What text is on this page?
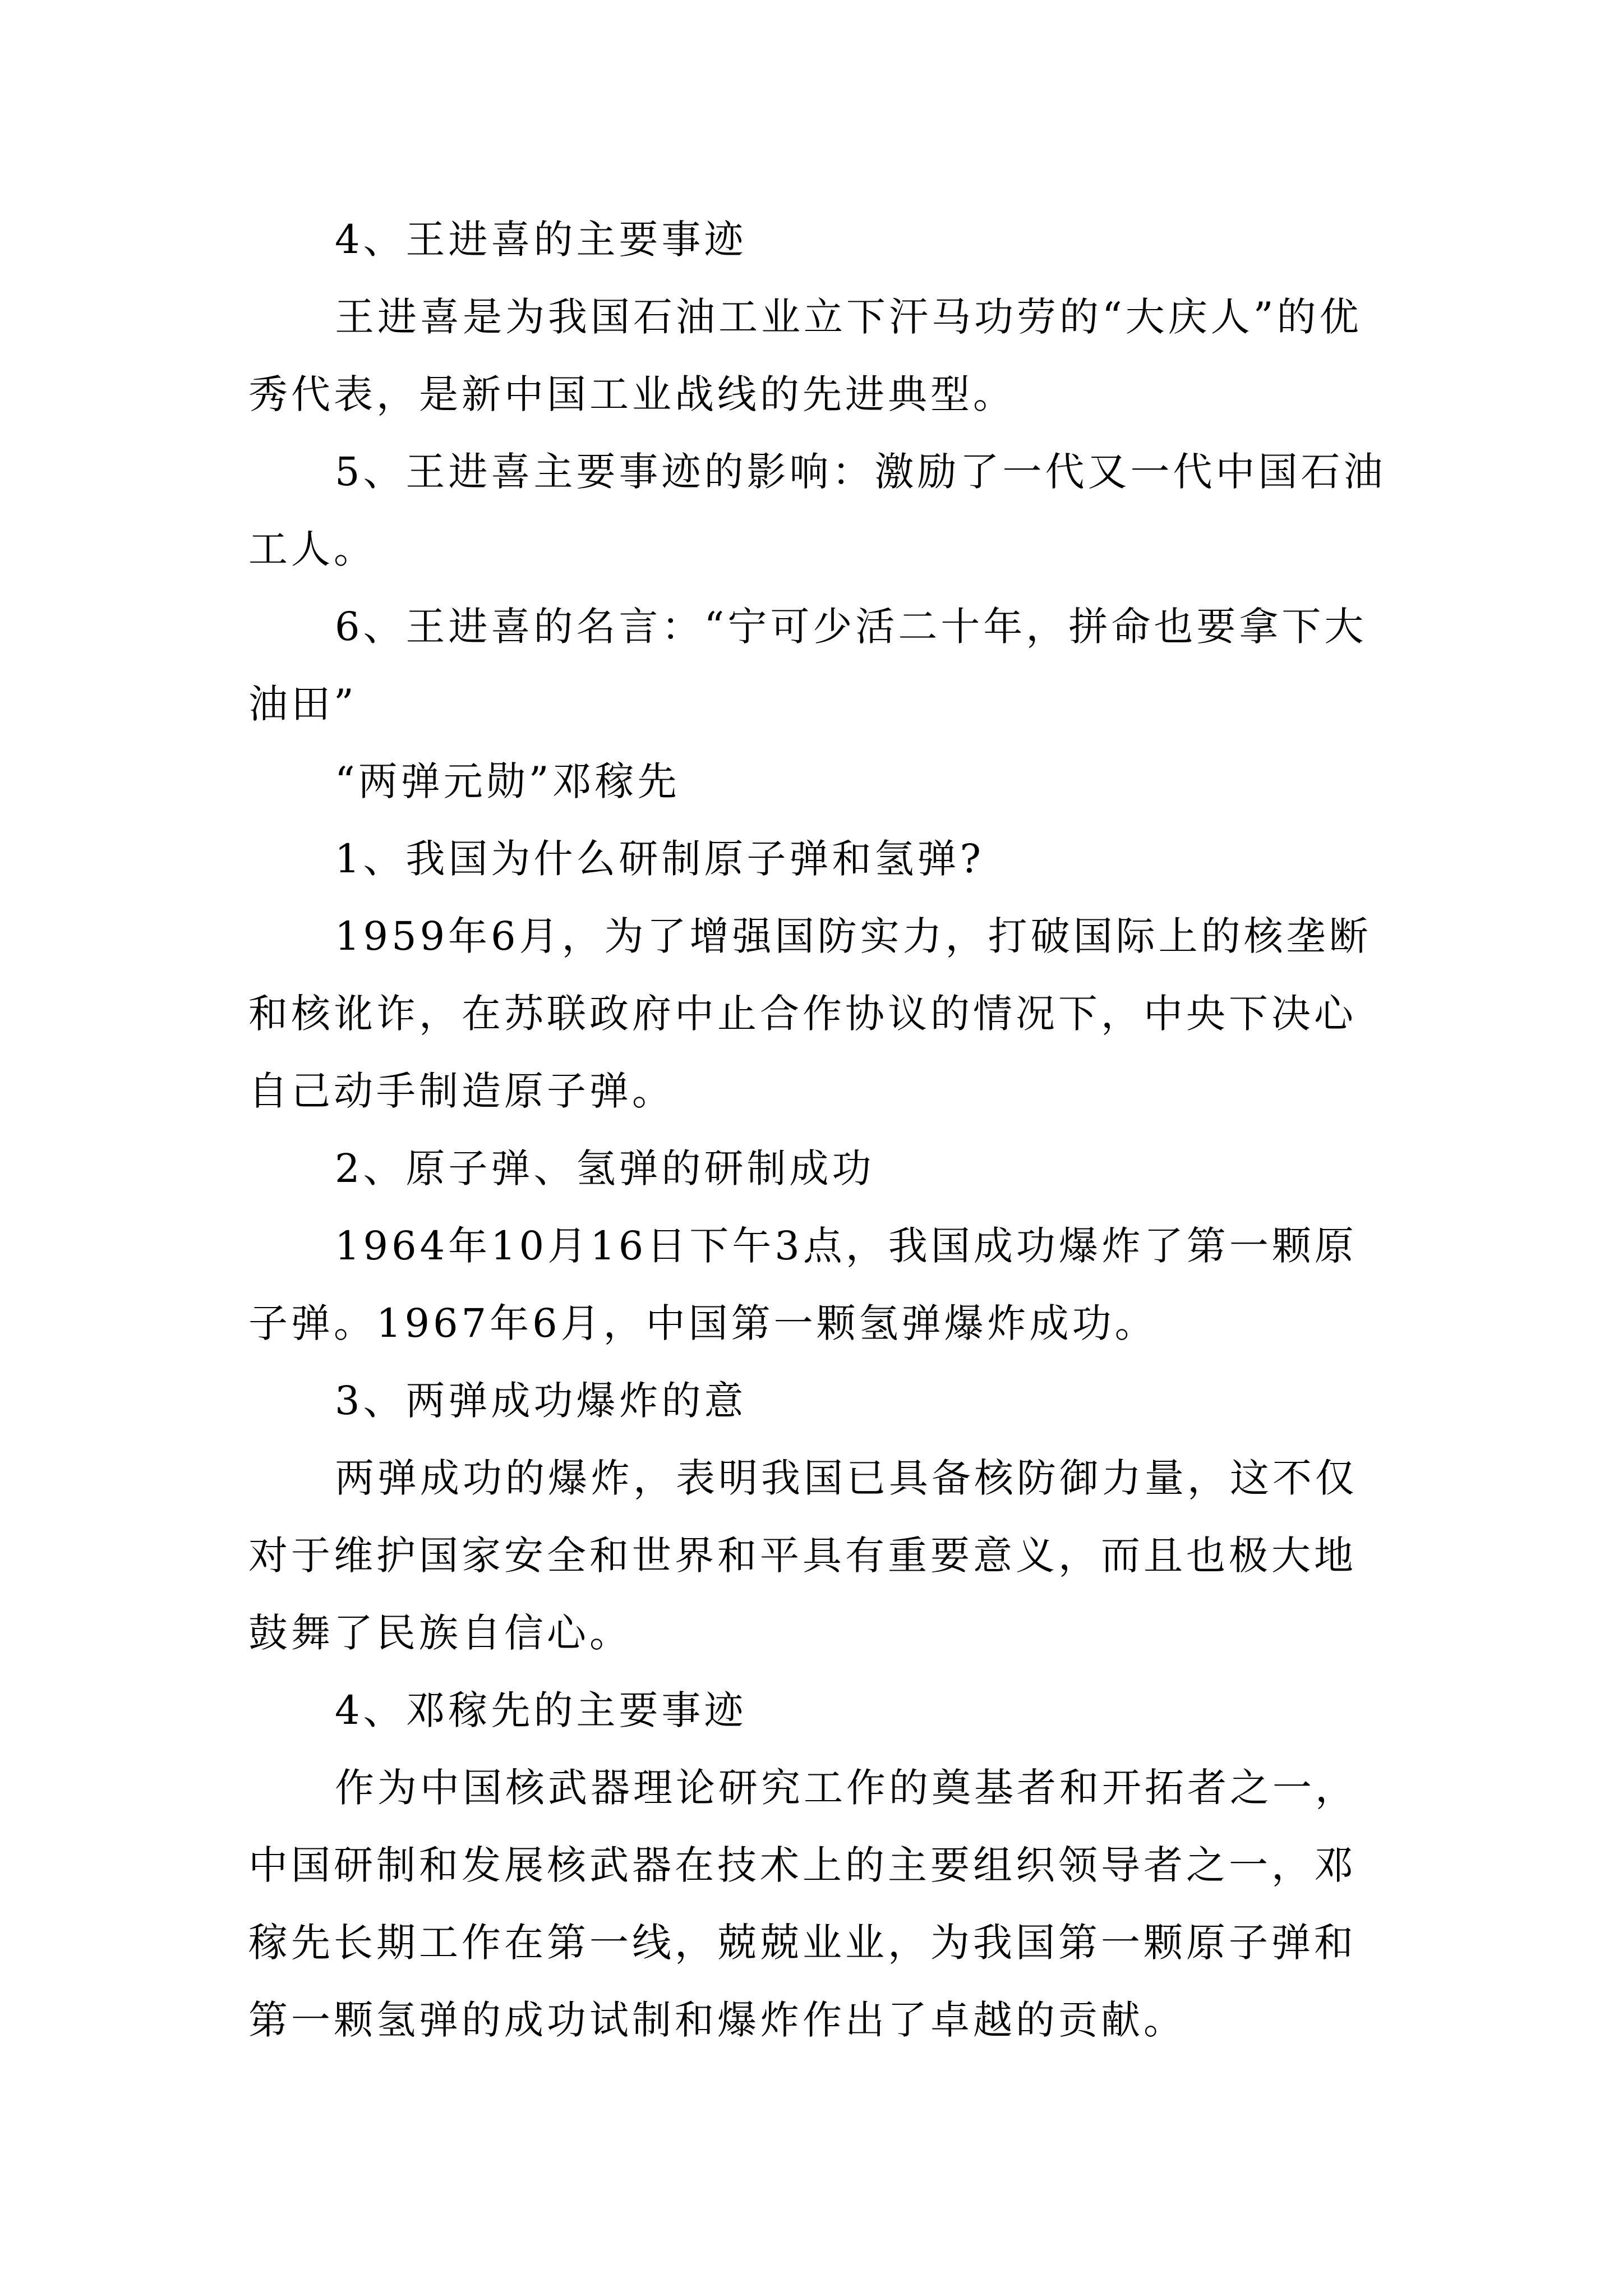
4、王进喜的主要事迹

王进喜是为我国石油工业立下汗马功劳的“大庆人”的优秀代表，是新中国工业战线的先进典型。

5、王进喜主要事迹的影响：激励了一代又一代中国石油工人。

6、王进喜的名言：“宁可少活二十年，拼命也要拿下大油田”

“两弹元勋”邓稼先

1、我国为什么研制原子弹和氢弹?

1959年6月，为了增强国防实力，打破国际上的核垄断和核讹诈，在苏联政府中止合作协议的情况下，中央下决心自己动手制造原子弹。

2、原子弹、氢弹的研制成功

1964年10月16日下午3点，我国成功爆炸了第一颗原子弹。1967年6月，中国第一颗氢弹爆炸成功。

3、两弹成功爆炸的意

两弹成功的爆炸，表明我国已具备核防御力量，这不仅对于维护国家安全和世界和平具有重要意义，而且也极大地鼓舞了民族自信心。

4、邓稼先的主要事迹

作为中国核武器理论研究工作的奠基者和开拓者之一，中国研制和发展核武器在技术上的主要组织领导者之一，邓稼先长期工作在第一线，兢兢业业，为我国第一颗原子弹和第一颗氢弹的成功试制和爆炸作出了卓越的贡献。
